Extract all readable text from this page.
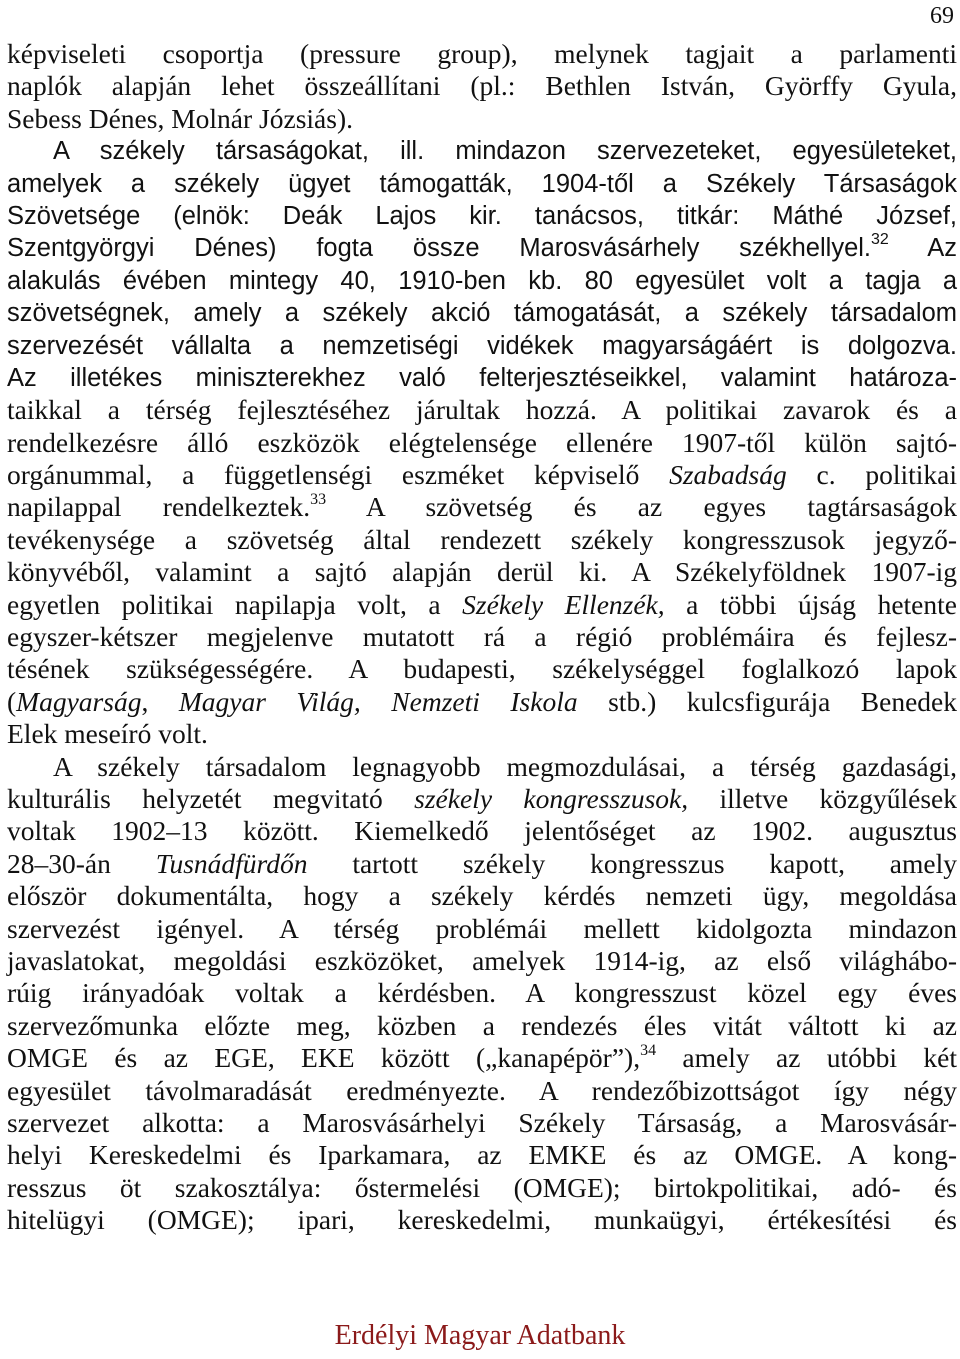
69
képviseleti csoportja (pressure group), melynek tagjait a parlamenti
naplók alapján lehet összeállítani (pl.: Bethlen István, Györffy Gyula,
Sebess Dénes, Molnár Józsiás).
A székely társaságokat, ill. mindazon szervezeteket, egyesületeket,
amelyek a székely ügyet támogatták, 1904-től a Székely Társaságok
Szövetsége (elnök: Deák Lajos kir. tanácsos, titkár: Máthé József,
Szentgyörgyi Dénes) fogta össze Marosvásárhely székhellyel.$^{32}$ Az
alakulás évében mintegy 40, 1910-ben kb. 80 egyesület volt a tagja a
szövetségnek, amely a székely akció támogatását, a székely társadalom
szervezését vállalta a nemzetiségi vidékek magyarságáért is dolgozva.
Az illetékes miniszterekhez való felterjesztéseikkel, valamint határoza-
taikkal a térség fejlesztéséhez járultak hozzá. A politikai zavarok és a
rendelkezésre álló eszközök elégtelensége ellenére 1907-től külön sajtó-
orgánummal, a függetlenségi eszméket képviselő Szabadság c. politikai
napilappal rendelkeztek.$^{33}$ A szövetség és az egyes tagtársaságok
tevékenysége a szövetség által rendezett székely kongresszusok jegyző-
könyvéből, valamint a sajtó alapján derül ki. A Székelyföldnek 1907-ig
egyetlen politikai napilapja volt, a Székely Ellenzék, a többi újság hetente
egyszer-kétszer megjelenve mutatott rá a régió problémáira és fejlesz-
tésének szükségességére. A budapesti, székelységgel foglalkozó lapok
(Magyarság, Magyar Világ, Nemzeti Iskola stb.) kulcsfigurája Benedek
Elek meseíró volt.
A székely társadalom legnagyobb megmozdulásai, a térség gazdasági,
kulturális helyzetét megvitató székely kongresszusok, illetve közgyűlések
voltak 1902–13 között. Kiemelkedő jelentőséget az 1902. augusztus
28–30-án Tusnádfürdőn tartott székely kongresszus kapott, amely
először dokumentálta, hogy a székely kérdés nemzeti ügy, megoldása
szervezést igényel. A térség problémái mellett kidolgozta mindazon
javaslatokat, megoldási eszközöket, amelyek 1914-ig, az első világhábo-
rúig irányadóak voltak a kérdésben. A kongresszust közel egy éves
szervezőmunka előzte meg, közben a rendezés éles vitát váltott ki az
OMGE és az EGE, EKE között („kanapépör”),$^{34}$ amely az utóbbi két
egyesület távolmaradását eredményezte. A rendezőbizottságot így négy
szervezet alkotta: a Marosvásárhelyi Székely Társaság, a Marosvásár-
helyi Kereskedelmi és Iparkamara, az EMKE és az OMGE. A kong-
resszus öt szakosztálya: őstermelési (OMGE); birtokpolitikai, adó- és
hitelügyi (OMGE); ipari, kereskedelmi, munkaügyi, értékesítési és
Erdélyi Magyar Adatbank
